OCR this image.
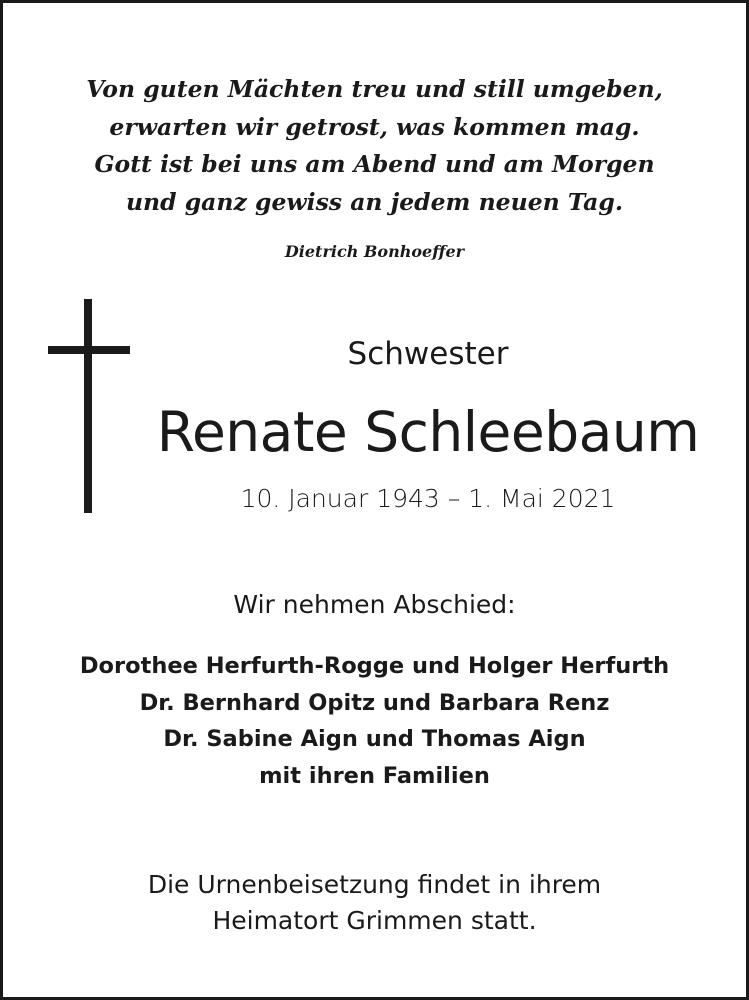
Von guten Mächten treu und still umgeben,
erwarten wir getrost, was kommen mag.
Gott ist bei uns am Abend und am Morgen
und ganz gewiss an jedem neuen Tag.
Dietrich Bonhoeffer
Schwester
Renate Schleebaum
10. Januar 1943 – 1. Mai 2021
Wir nehmen Abschied:
Dorothee Herfurth-Rogge und Holger Herfurth
Dr. Bernhard Opitz und Barbara Renz
Dr. Sabine Aign und Thomas Aign
mit ihren Familien
Die Urnenbeisetzung findet in ihrem
Heimatort Grimmen statt.
